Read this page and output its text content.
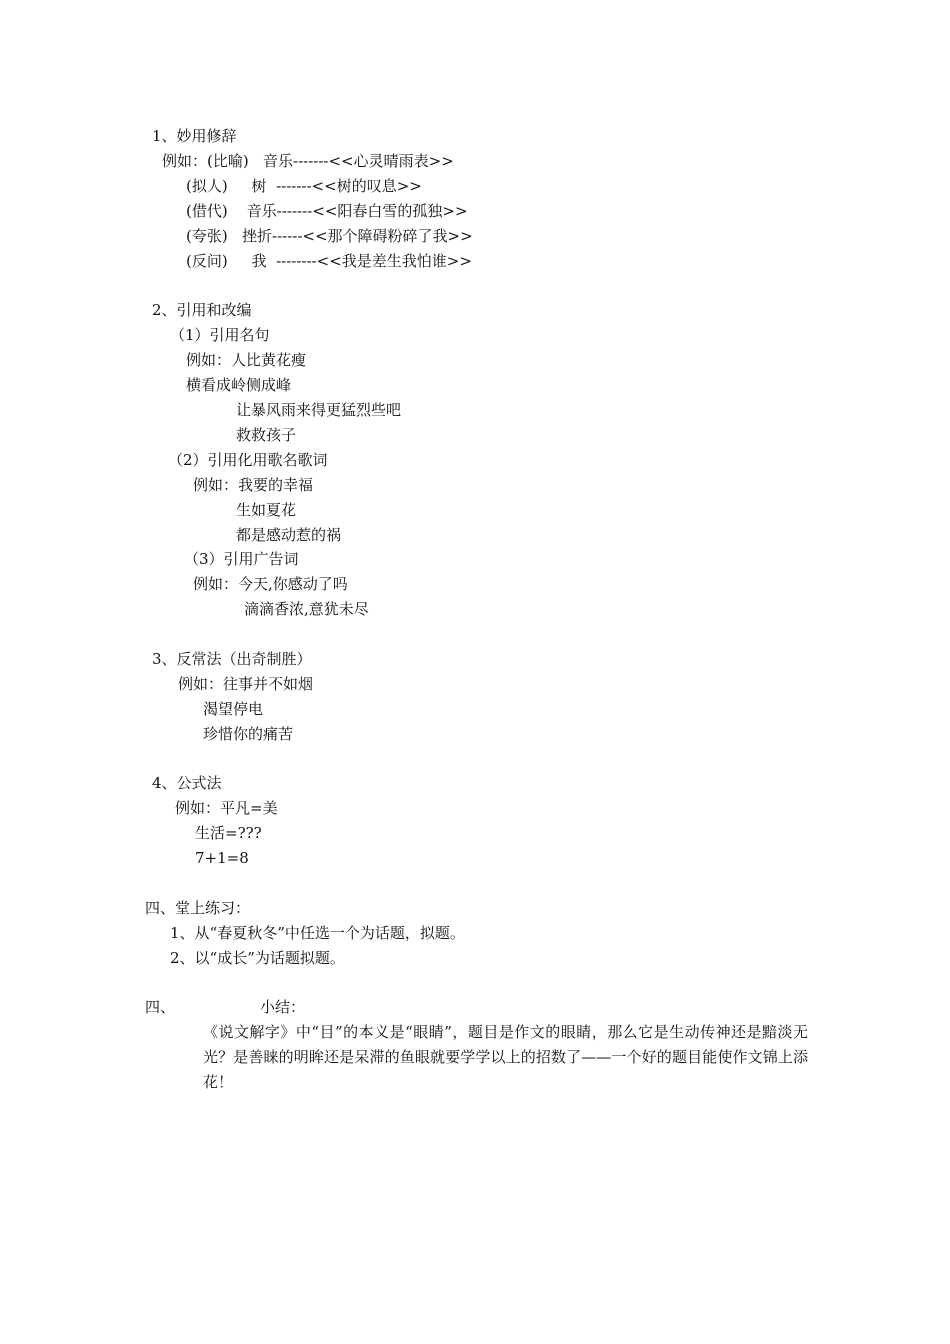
1、妙用修辞
例如：(比喻)   音乐-------<<心灵晴雨表>>
(拟人)     树  -------<<树的叹息>>
(借代)    音乐-------<<阳春白雪的孤独>>
(夸张)   挫折------<<那个障碍粉碎了我>>
(反问)     我  --------<<我是差生我怕谁>>
2、引用和改编
（1）引用名句
例如：人比黄花瘦
横看成岭侧成峰
让暴风雨来得更猛烈些吧
救救孩子
（2）引用化用歌名歌词
例如：我要的幸福
生如夏花
都是感动惹的祸
（3）引用广告词
例如：今天,你感动了吗
滴滴香浓,意犹未尽
3、反常法（出奇制胜）
例如：往事并不如烟
渴望停电
珍惜你的痛苦
4、公式法
例如：平凡=美
生活=???
7+1=8
四、堂上练习：
1、从“春夏秋冬”中任选一个为话题，拟题。
2、以“成长”为话题拟题。
四、	小结：
《说文解字》中“目”的本义是“眼睛”，题目是作文的眼睛，那么它是生动传神还是黯淡无光？是善睐的明眸还是呆滞的鱼眼就要学学以上的招数了——一个好的题目能使作文锦上添花！
